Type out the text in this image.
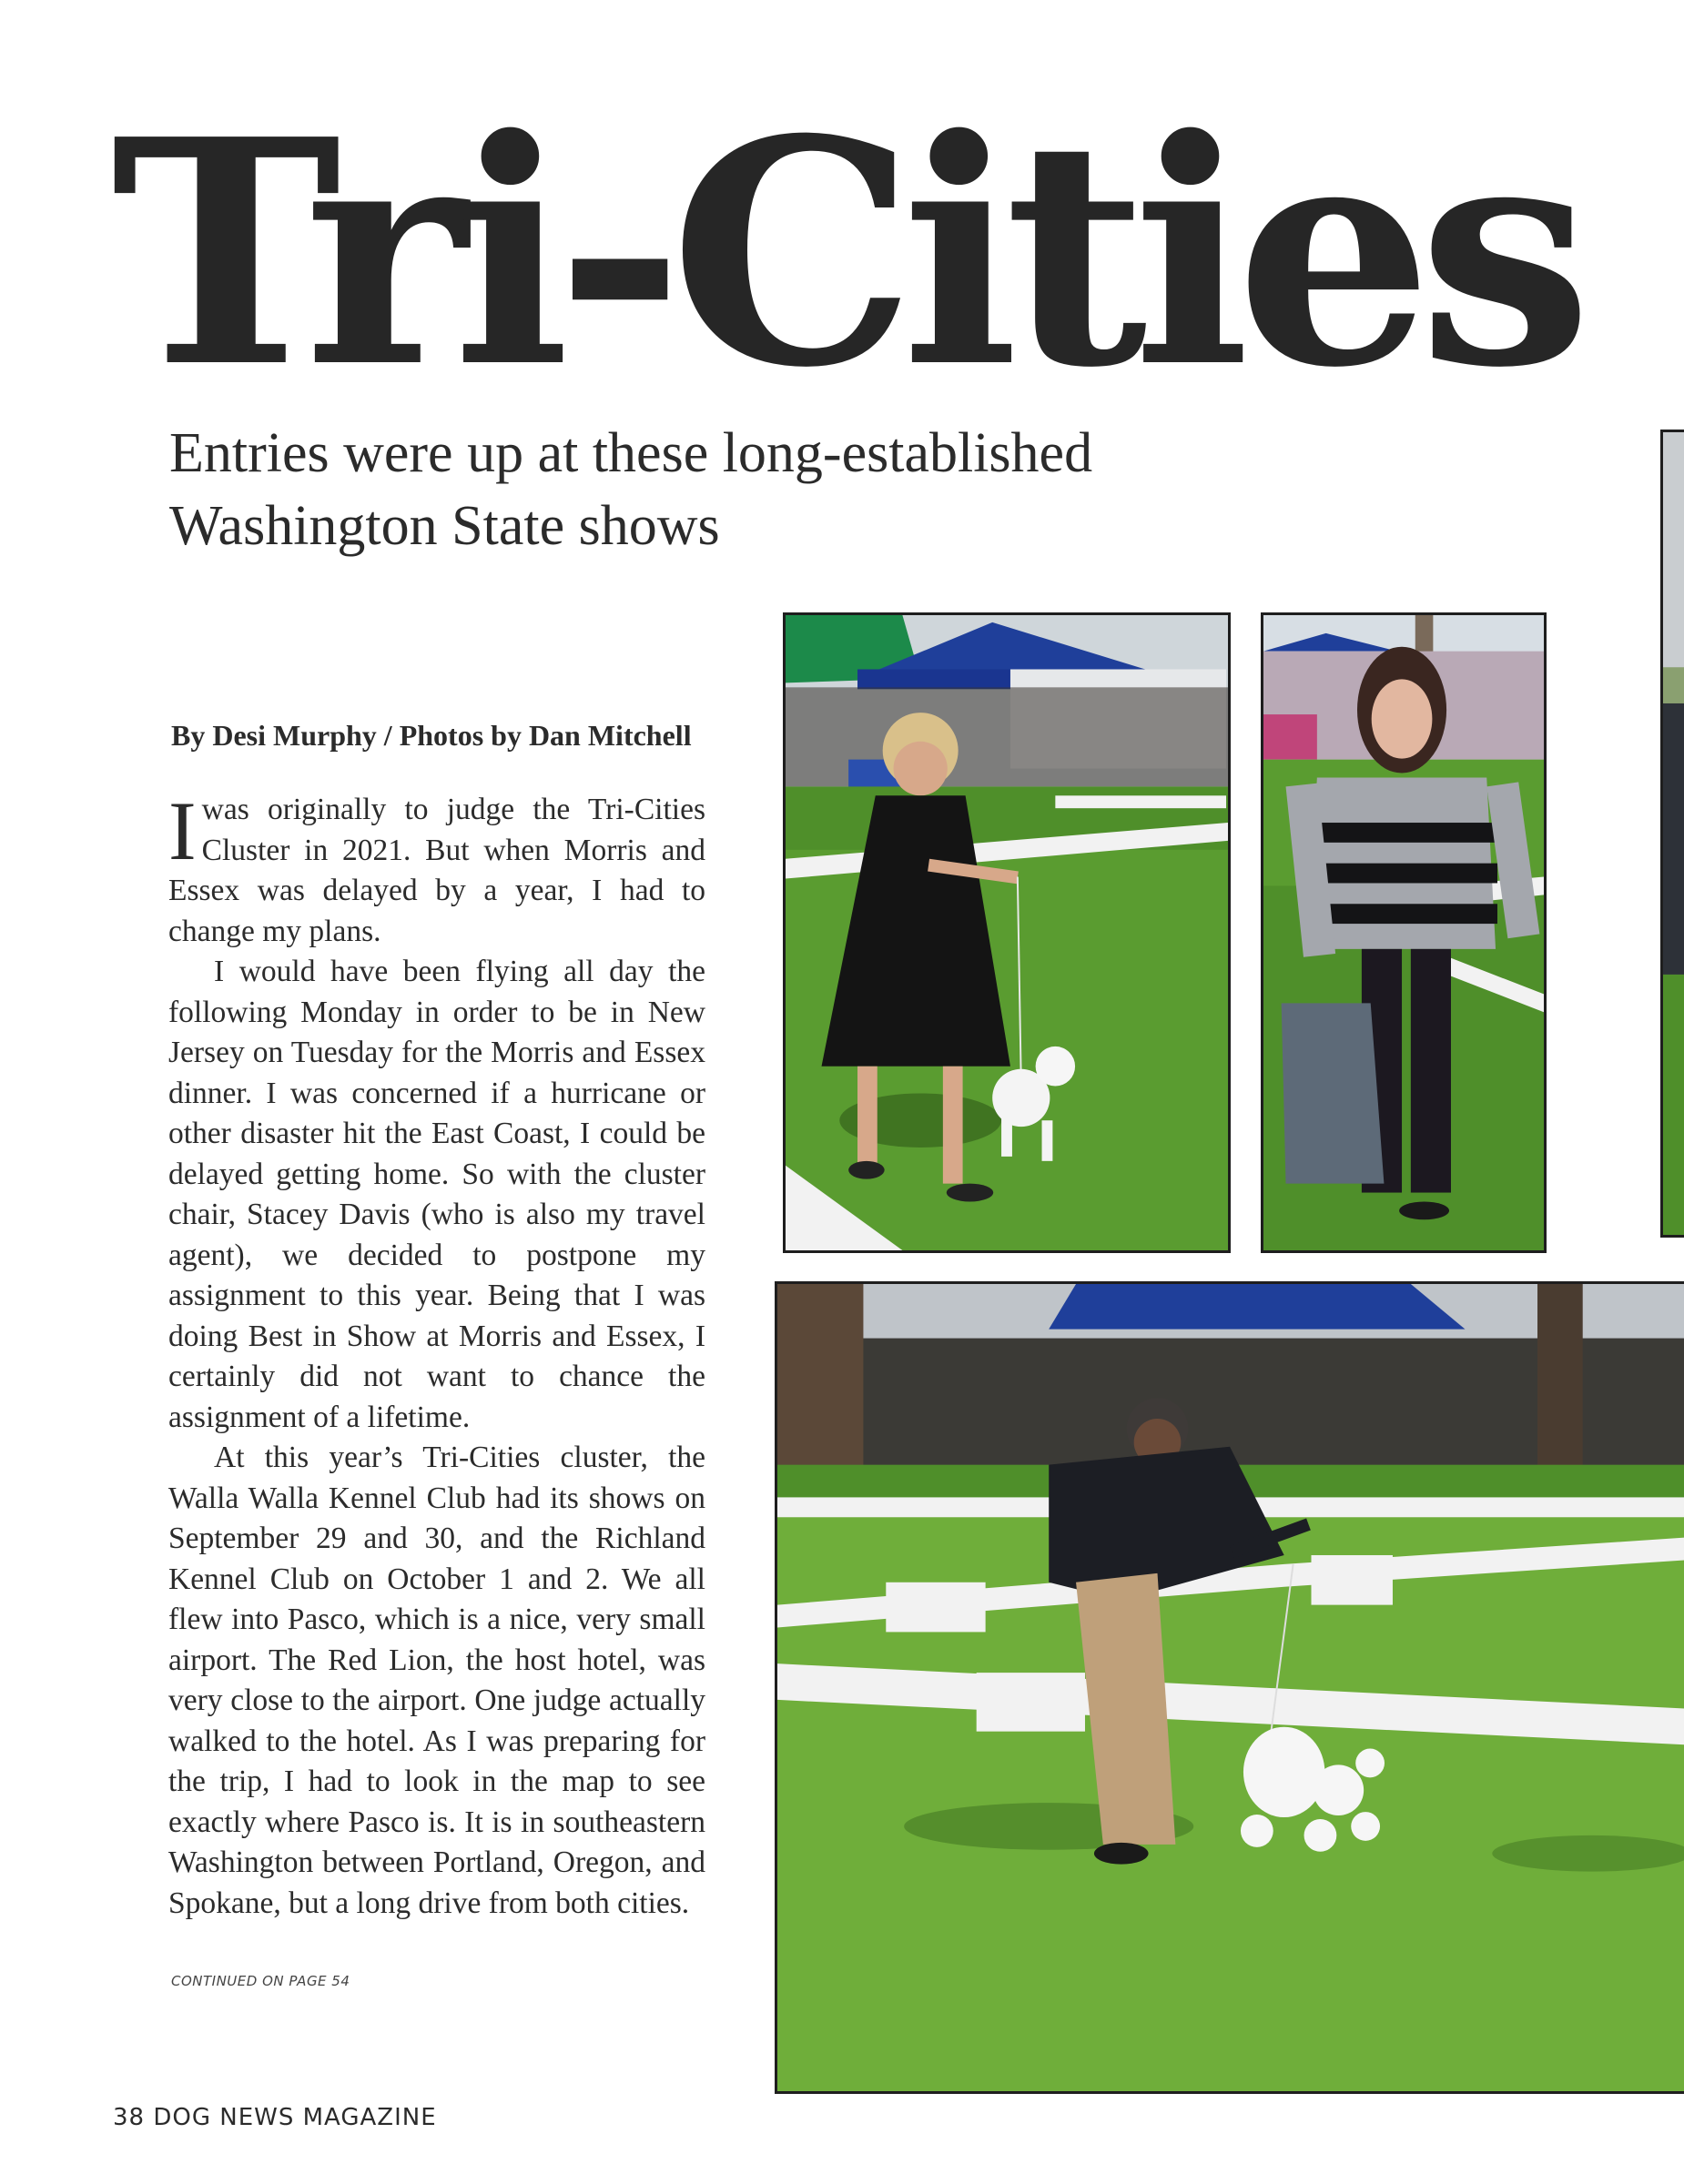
Tri-Cities
Entries were up at these long-established
Washington State shows
By Desi Murphy / Photos by Dan Mitchell

Iwas originally to judge the Tri-Cities Cluster in 2021. But when Morris and Essex was delayed by a year, I had to change my plans.

I would have been flying all day the following Monday in order to be in New Jersey on Tuesday for the Morris and Essex dinner. I was concerned if a hurricane or other disaster hit the East Coast, I could be delayed getting home. So with the cluster chair, Stacey Davis (who is also my travel agent), we decided to postpone my assignment to this year. Being that I was doing Best in Show at Morris and Essex, I certainly did not want to chance the assignment of a lifetime.

At this year’s Tri-Cities cluster, the Walla Walla Kennel Club had its shows on September 29 and 30, and the Richland Kennel Club on October 1 and 2. We all flew into Pasco, which is a nice, very small airport. The Red Lion, the host hotel, was very close to the airport. One judge actually walked to the hotel. As I was preparing for the trip, I had to look in the map to see exactly where Pasco is. It is in southeastern Washington between Portland, Oregon, and Spokane, but a long drive from both cities.

CONTINUED ON PAGE 54
38 DOG NEWS MAGAZINE
